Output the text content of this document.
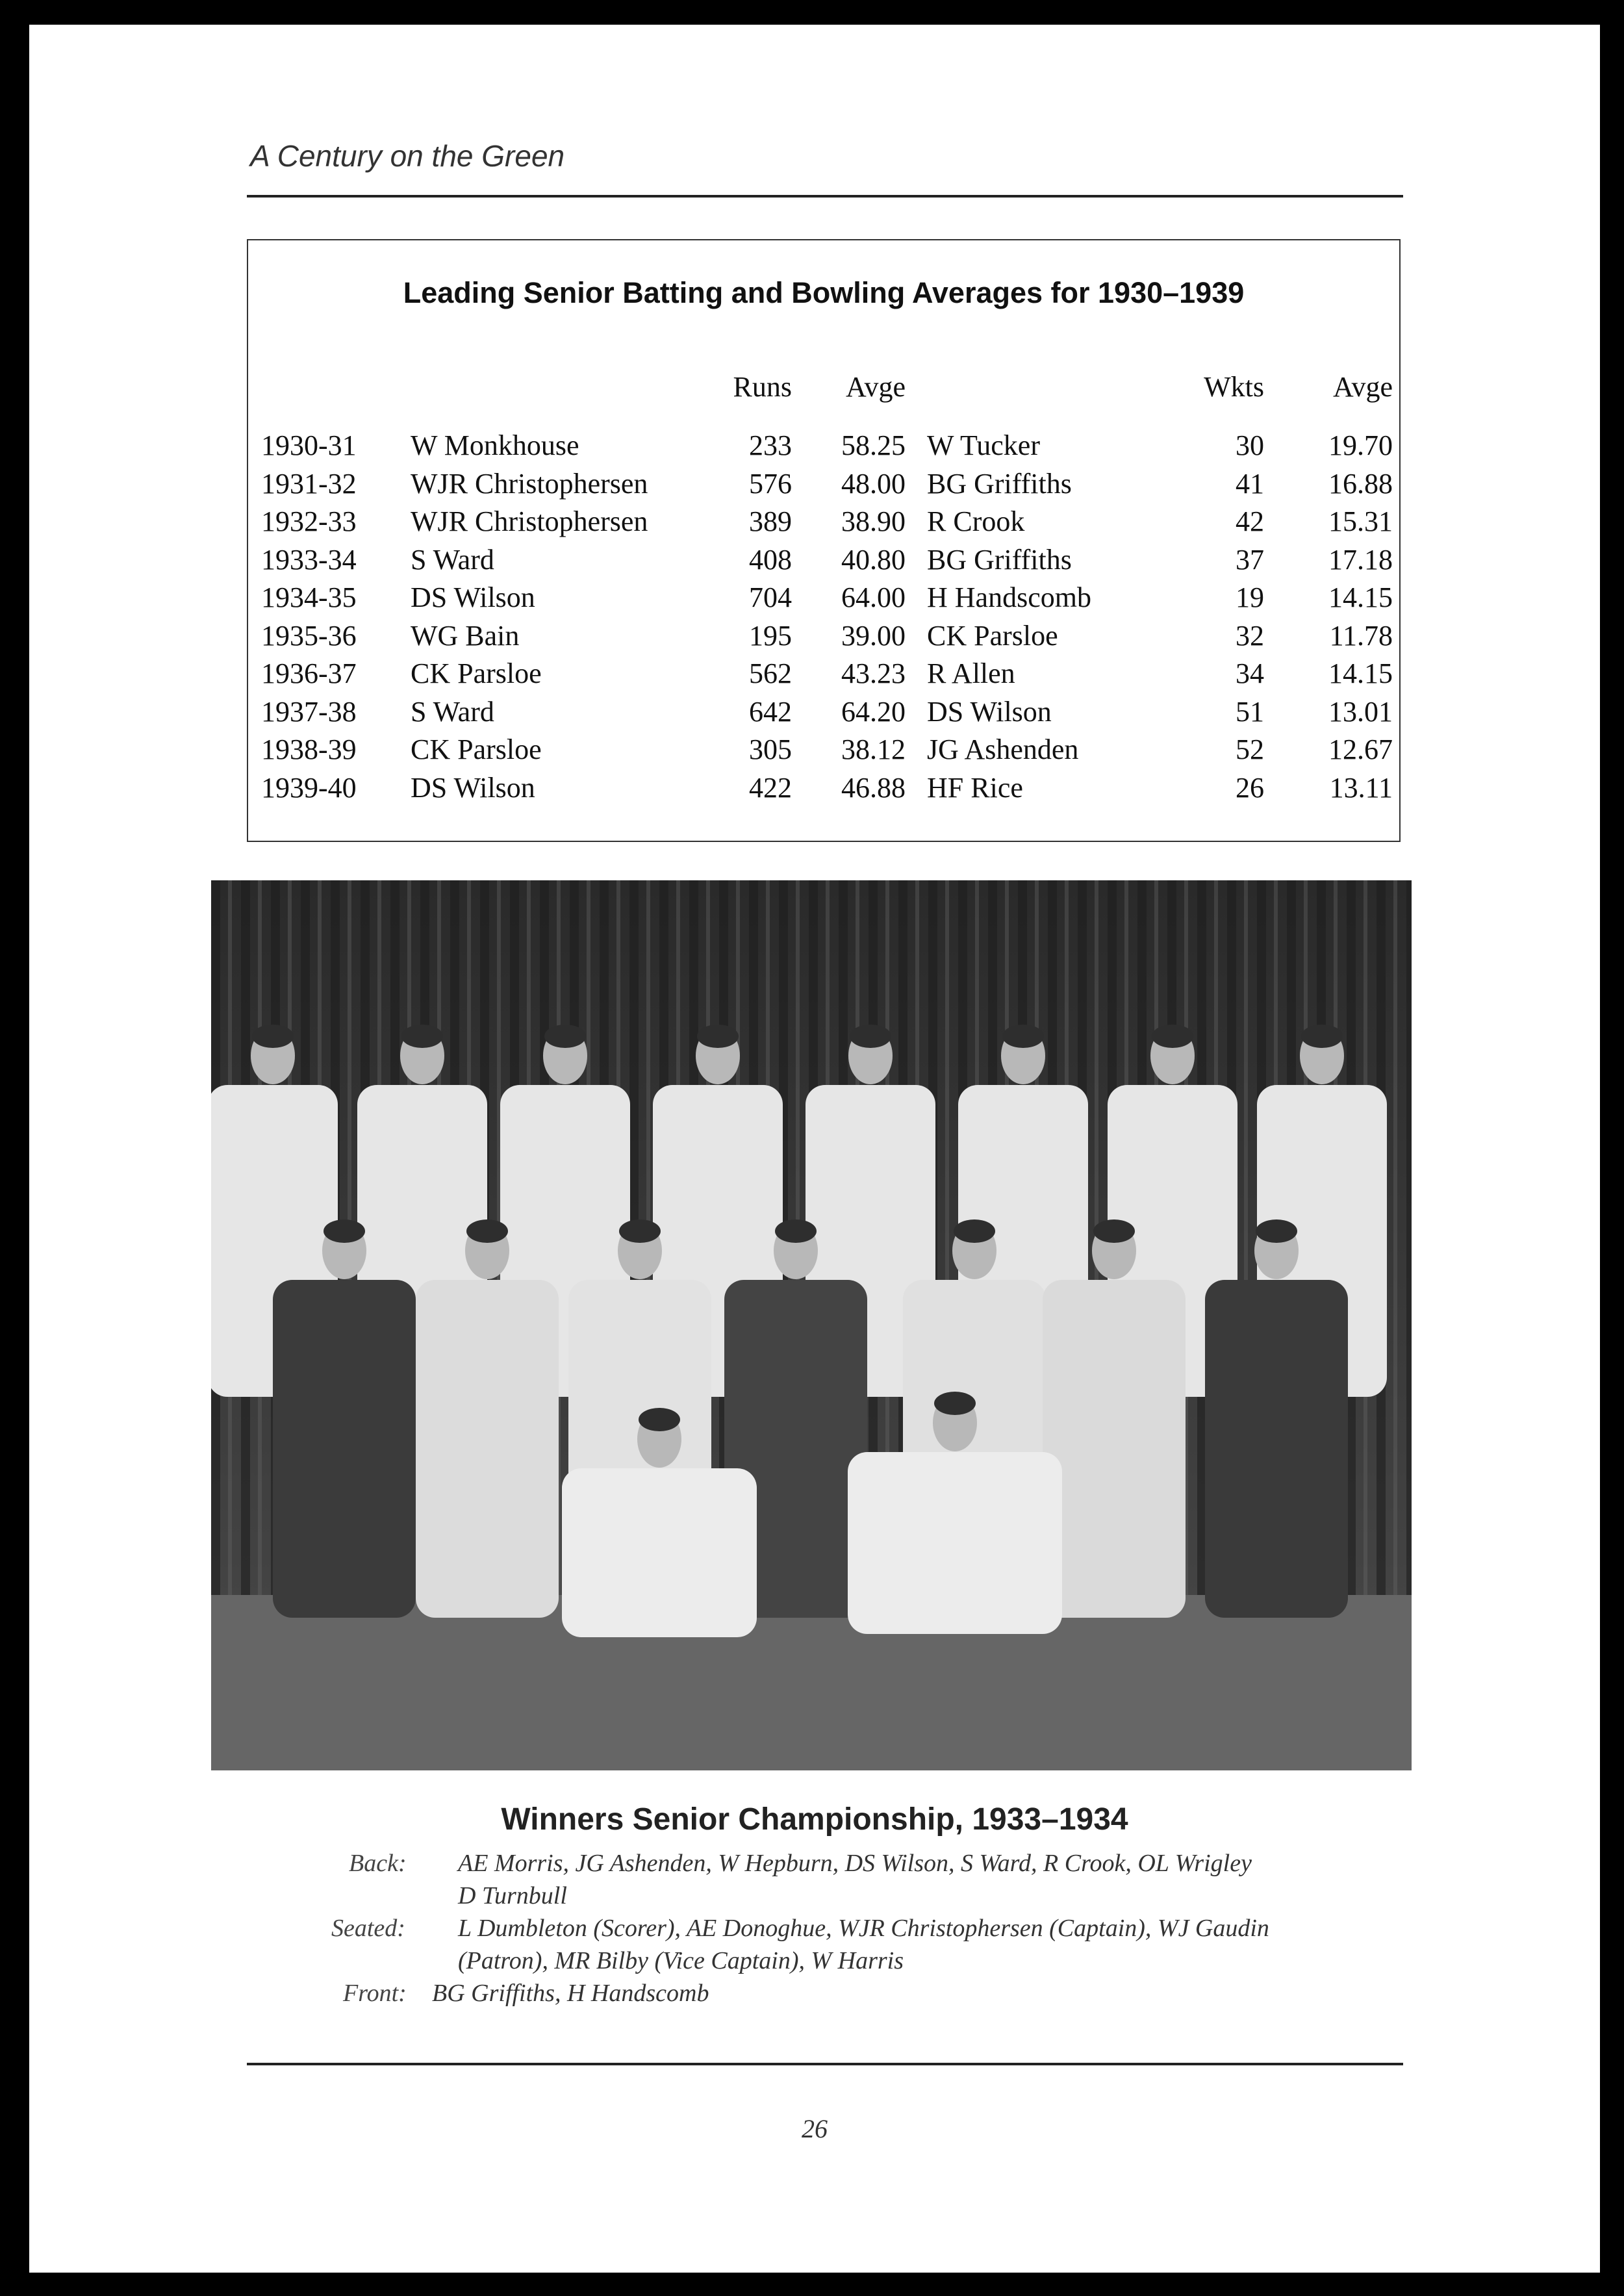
A Century on the Green

Leading Senior Batting and Bowling Averages for 1930–1939

Runs Avge	Wkts Avge
1930-31 W Monkhouse	233 58.25 W Tucker	30 19.70
1931-32 WJR Christophersen	576 48.00 BG Griffiths	41 16.88
1932-33 WJR Christophersen	389 38.90 R Crook	42 15.31
1933-34 S Ward	408 40.80 BG Griffiths	37 17.18
1934-35 DS Wilson	704 64.00 H Handscomb	19 14.15
1935-36 WG Bain	195 39.00 CK Parsloe	32 11.78
1936-37 CK Parsloe	562 43.23 R Allen	34 14.15
1937-38 S Ward	642 64.20 DS Wilson	51 13.01
1938-39 CK Parsloe	305 38.12 JG Ashenden	52 12.67
1939-40 DS Wilson	422 46.88 HF Rice	26 13.11

Winners Senior Championship, 1933–1934

Back: AE Morris, JG Ashenden, W Hepburn, DS Wilson, S Ward, R Crook, OL Wrigley
D Turnbull
Seated: L Dumbleton (Scorer), AE Donoghue, WJR Christophersen (Captain), WJ Gaudin
(Patron), MR Bilby (Vice Captain), W Harris
Front: BG Griffiths, H Handscomb
26
